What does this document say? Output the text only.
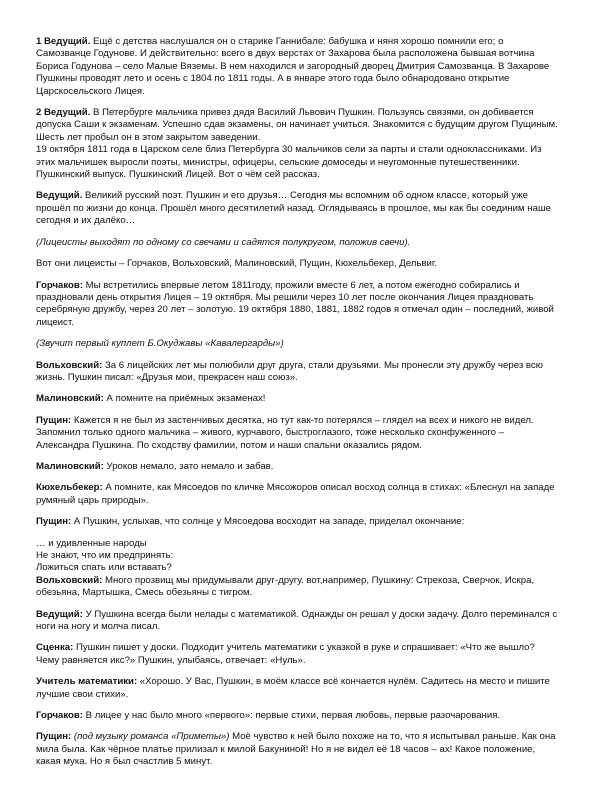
1 Ведущий. Ещё с детства наслушался он о старике Ганнибале: бабушка и няня хорошо помнили его; о Самозванце Годунове. И действительно: всего в двух верстах от Захарова была расположена бывшая вотчина Бориса Годунова – село Малые Вяземы. В нем находился и загородный дворец Дмитрия Самозванца. В Захарове Пушкины проводят лето и осень с 1804 по 1811 годы. А в январе этого года было обнародовано открытие Царскосельского Лицея.

2 Ведущий. В Петербурге мальчика привез дядя Василий Львович Пушкин. Пользуясь связями, он добивается допуска Саши к экзаменам. Успешно сдав экзамены, он начинает учиться. Знакомится с будущим другом Пущиным. Шесть лет пробыл он в этом закрытом заведении.
19 октября 1811 года в Царском селе близ Петербурга 30 мальчиков сели за парты и стали одноклассниками. Из этих мальчишек выросли поэты, министры, офицеры, сельские домоседы и неугомонные путешественники. Пушкинский выпуск. Пушкинский Лицей. Вот о чём сей рассказ.

Ведущий. Великий русский поэт. Пушкин и его друзья… Сегодня мы вспомним об одном классе, который уже прошёл по жизни до конца. Прошёл много десятилетий назад. Оглядываясь в прошлое, мы как бы соединим наше сегодня и их далёко…

(Лицеисты выходят по одному со свечами и садятся полукругом, положив свечи).

Вот они лицеисты – Горчаков, Вольховский, Малиновский, Пущин, Кюхельбекер, Дельвиг.

Горчаков: Мы встретились впервые летом 1811году, прожили вместе 6 лет, а потом ежегодно собирались и праздновали день открытия Лицея – 19 октября. Мы решили через 10 лет после окончания Лицея праздновать серебряную дружбу, через 20 лет – золотую. 19 октября 1880, 1881, 1882 годов я отмечал один – последний, живой лицеист.

(Звучит первый куплет Б.Окуджавы «Кавалергарды»)

Вольховский: За 6 лицейских лет мы полюбили друг друга, стали друзьями. Мы пронесли эту дружбу через всю жизнь. Пушкин писал: «Друзья мои, прекрасен наш союз».

Малиновский: А помните на приёмных экзаменах!

Пущин: Кажется я не был из застенчивых десятка, но тут как-то потерялся – глядел на всех и никого не видел. Запомнил только одного мальчика – живого, курчавого, быстроглазого, тоже несколько сконфуженного – Александра Пушкина. По сходству фамилии, потом и наши спальни оказались рядом.

Малиновский: Уроков немало, зато немало и забав.

Кюхельбекер: А помните, как Мясоедов по кличке Мясожоров описал восход солнца в стихах: «Блеснул на западе румяный царь природы».

Пущин: А Пушкин, услыхав, что солнце у Мясоедова восходит на западе, приделал окончание:

… и удивленные народы
Не знают, что им предпринять:
Ложиться спать или вставать?

Вольховский: Много прозвищ мы придумывали друг-другу. вот,например, Пушкину: Стрекоза, Сверчок, Искра, обезьяна, Мартышка, Смесь обезьяны с тигром.

Ведущий: У Пушкина всегда были нелады с математикой. Однажды он решал у доски задачу. Долго переминался с ноги на ногу и молча писал.

Сценка: Пушкин пишет у доски. Подходит учитель математики с указкой в руке и спрашивает: «Что же вышло? Чему равняется икс?» Пушкин, улыбаясь, отвечает: «Нуль».

Учитель математики: «Хорошо. У Вас, Пушкин, в моём классе всё кончается нулём. Садитесь на место и пишите лучшие свои стихи».

Горчаков: В лицее у нас было много «первого»: первые стихи, первая любовь, первые разочарования.

Пущин: (под музыку романса «Приметы») Моё чувство к ней было похоже на то, что я испытывал раньше. Как она мила была. Как чёрное платье прилизал к милой Бакуниной! Но я не видел её 18 часов – ах! Какое положение, какая мука. Но я был счастлив 5 минут.
